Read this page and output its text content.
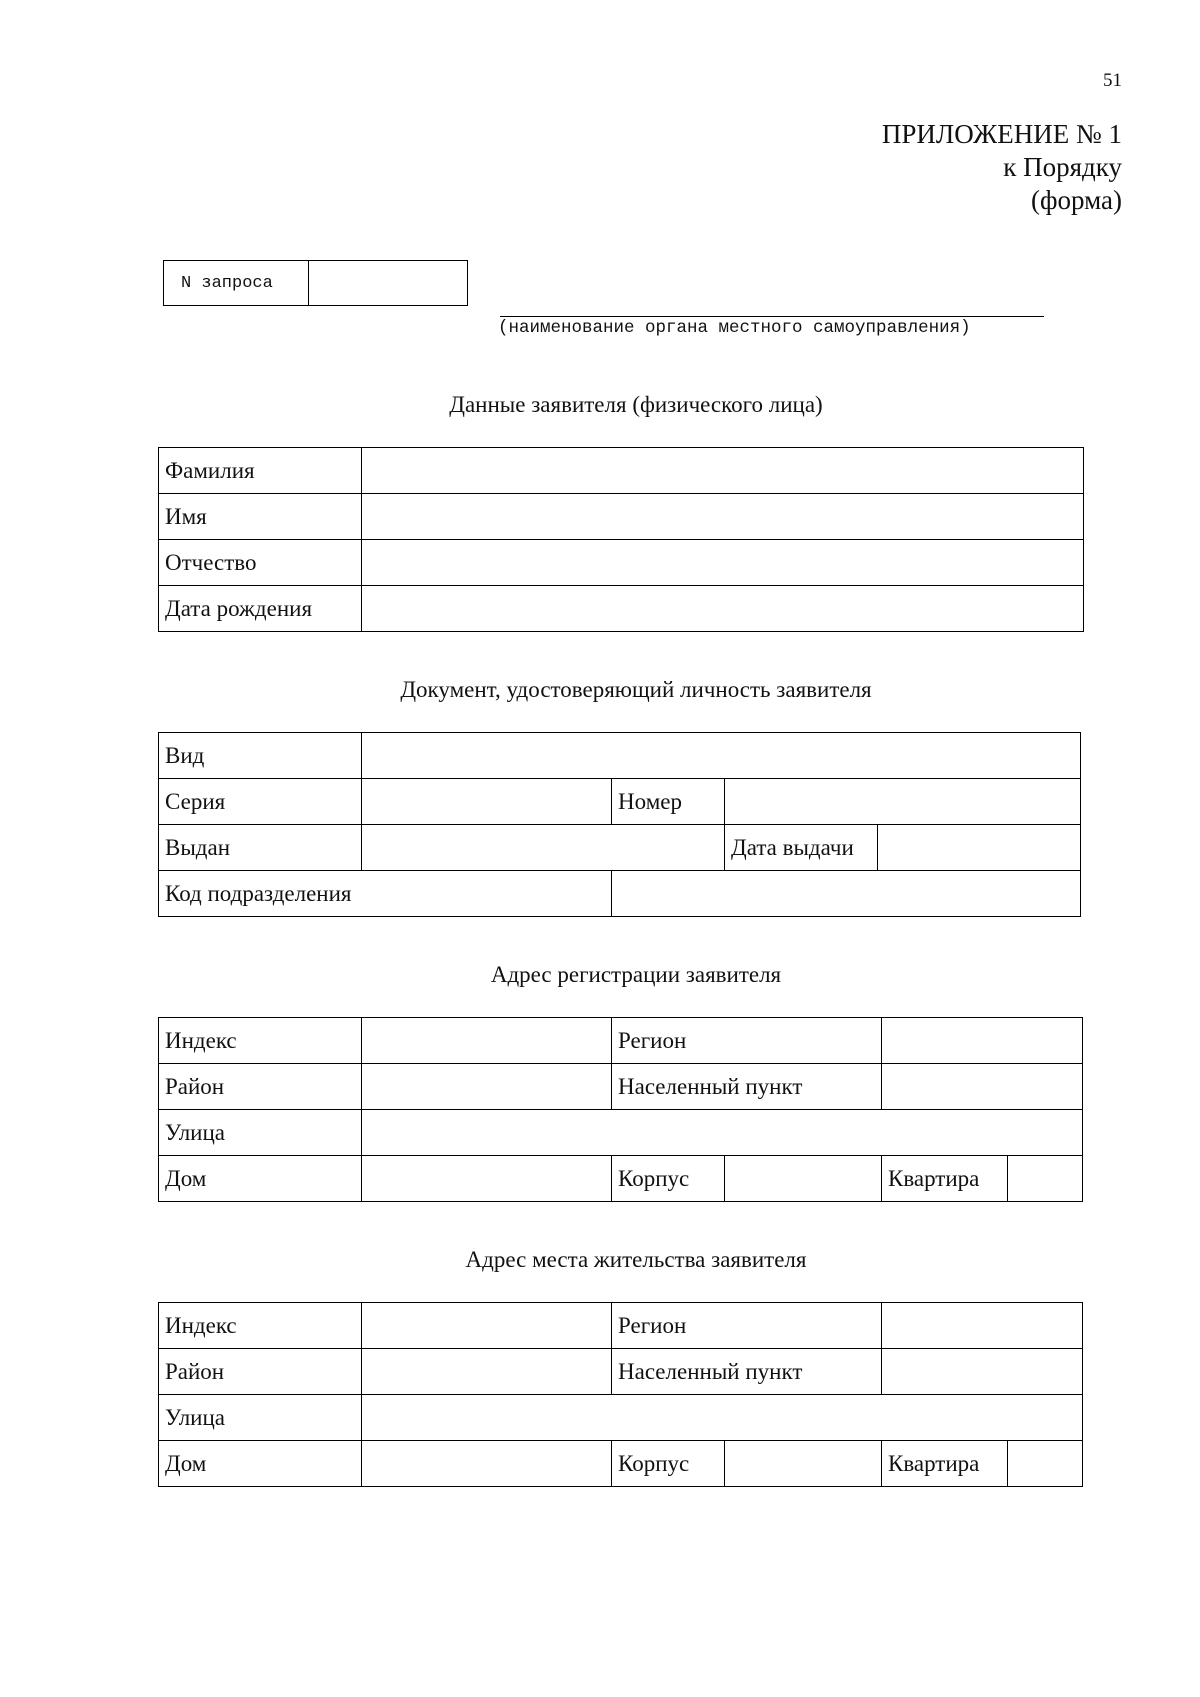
51
ПРИЛОЖЕНИЕ № 1
к Порядку
(форма)
N запроса
(наименование органа местного самоуправления)
Данные заявителя (физического лица)
Фамилия	
Имя	
Отчество	
Дата рождения	
Документ, удостоверяющий личность заявителя
Вид				
Серия		Номер		
Выдан			Дата выдачи	
Код подразделения				
Адрес регистрации заявителя
Индекс		Регион			
Район		Населенный пункт			
Улица					
Дом		Корпус		Квартира	
Адрес места жительства заявителя
Индекс		Регион			
Район		Населенный пункт			
Улица					
Дом		Корпус		Квартира	
